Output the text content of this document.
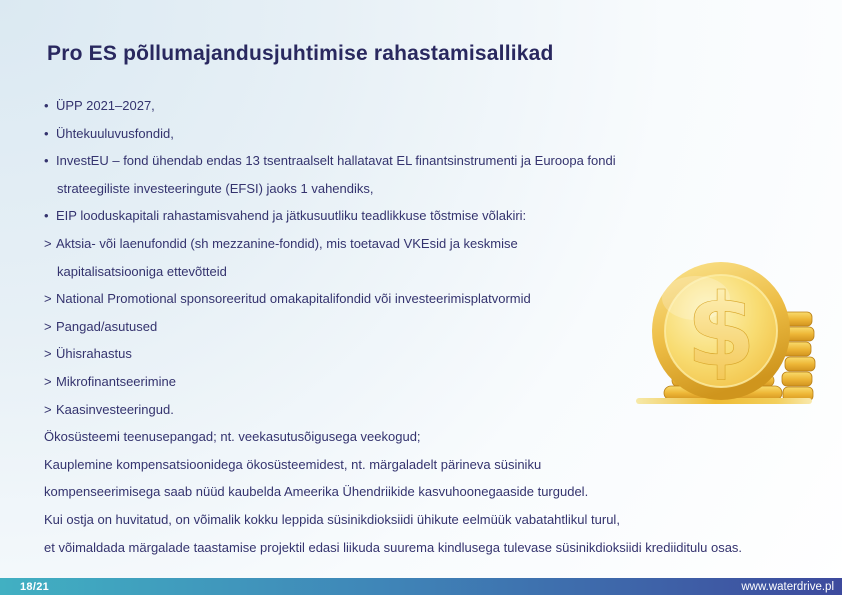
Pro ES põllumajandusjuhtimise rahastamisallikad
• ÜPP 2021–2027,
• Ühtekuuluvusfondid,
• InvestEU – fond ühendab endas 13 tsentraalselt hallatavat EL finantsinstrumenti ja Euroopa fondi
strateegiliste investeeringute (EFSI) jaoks 1 vahendiks,
• EIP looduskapitali rahastamisvahend ja jätkusuutliku teadlikkuse tõstmise võlakiri:
> Aktsia- või laenufondid (sh mezzanine-fondid), mis toetavad VKEsid ja keskmise
kapitalisatsiooniga ettevõtteid
> National Promotional sponsoreeritud omakapitalifondid või investeerimisplatvormid
> Pangad/asutused
> Ühisrahastus
> Mikrofinantseerimine
> Kaasinvesteeringud.
Ökosüsteemi teenusepangad; nt. veekasutusõigusega veekogud;
Kauplemine kompensatsioonidega ökosüsteemidest, nt. märgaladelt pärineva süsiniku
kompenseerimisega saab nüüd kaubelda Ameerika Ühendriikide kasvuhoonegaaside turgudel.
Kui ostja on huvitatud, on võimalik kokku leppida süsinikdioksiidi ühikute eelmüük vabatahtlikul turul,
et võimaldada märgalade taastamise projektil edasi liikuda suurema kindlusega tulevase süsinikdioksiidi krediiditulu osas.
$
18/21	www.waterdrive.pl
